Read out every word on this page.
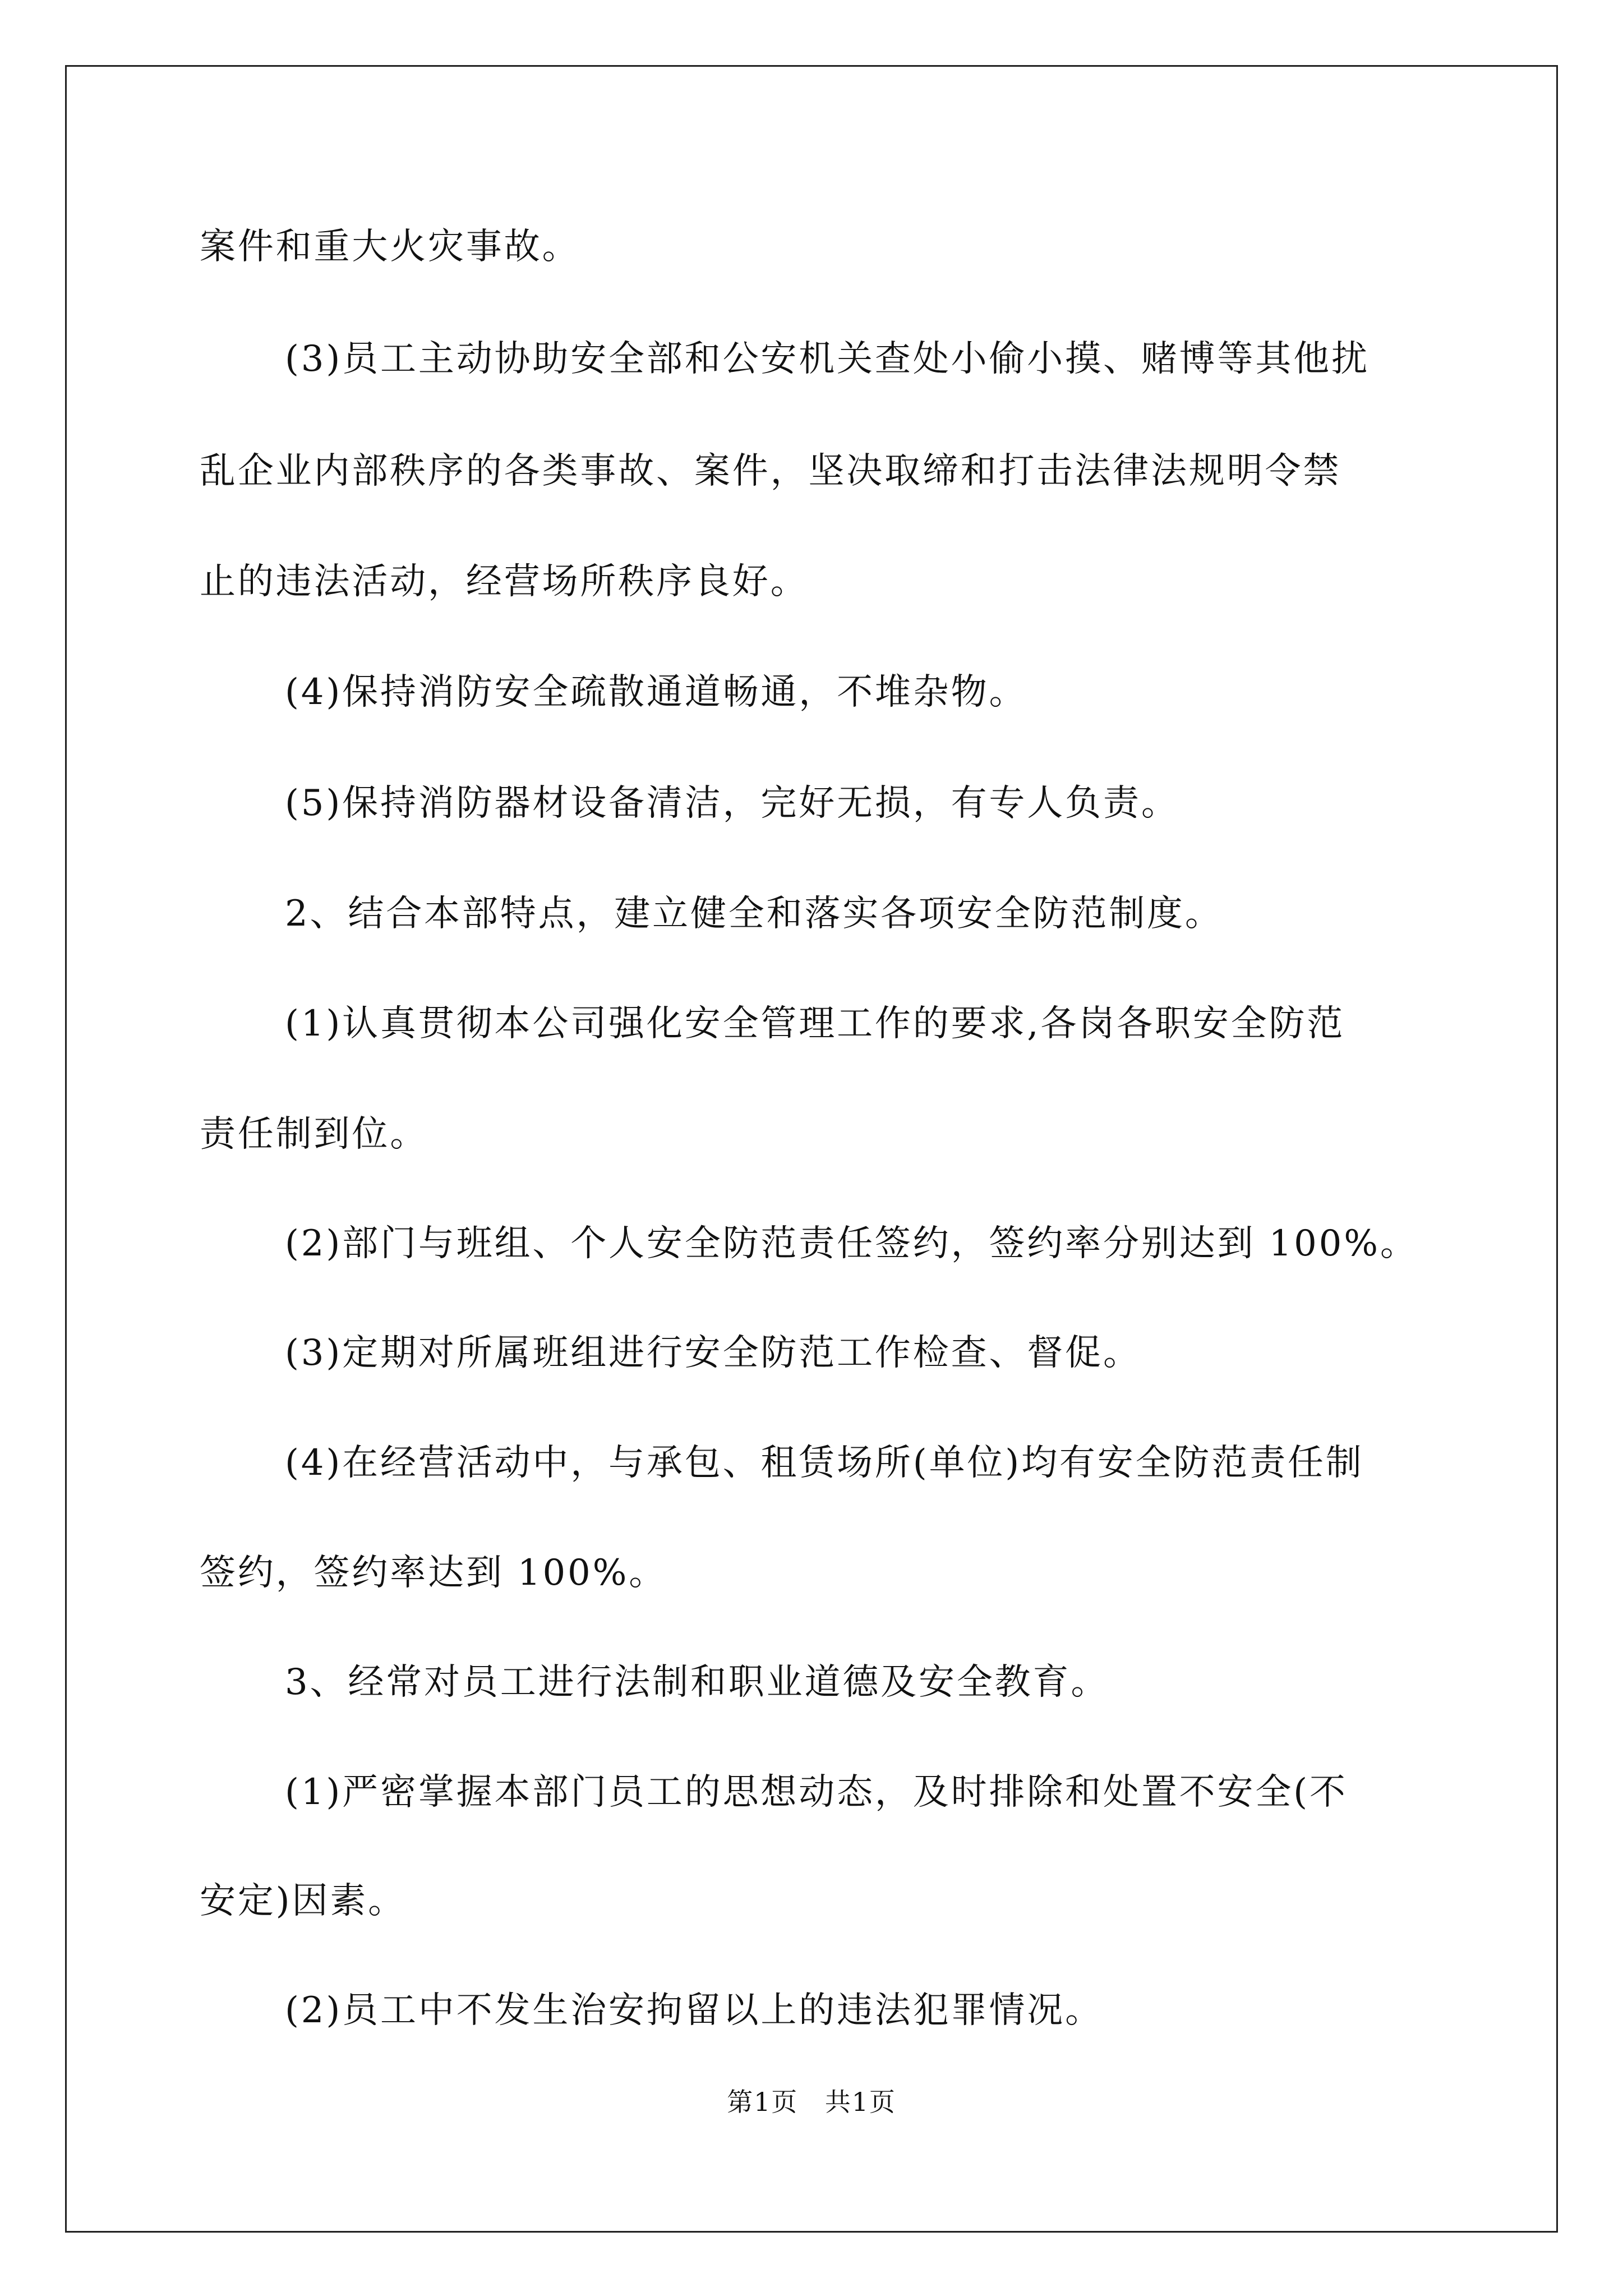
案件和重大火灾事故。

(3)员工主动协助安全部和公安机关查处小偷小摸、赌博等其他扰

乱企业内部秩序的各类事故、案件，坚决取缔和打击法律法规明令禁

止的违法活动，经营场所秩序良好。

(4)保持消防安全疏散通道畅通，不堆杂物。

(5)保持消防器材设备清洁，完好无损，有专人负责。

2、结合本部特点，建立健全和落实各项安全防范制度。

(1)认真贯彻本公司强化安全管理工作的要求,各岗各职安全防范

责任制到位。

(2)部门与班组、个人安全防范责任签约，签约率分别达到 100%。

(3)定期对所属班组进行安全防范工作检查、督促。

(4)在经营活动中，与承包、租赁场所(单位)均有安全防范责任制

签约，签约率达到 100%。

3、经常对员工进行法制和职业道德及安全教育。

(1)严密掌握本部门员工的思想动态，及时排除和处置不安全(不

安定)因素。

(2)员工中不发生治安拘留以上的违法犯罪情况。

第1页　共1页
